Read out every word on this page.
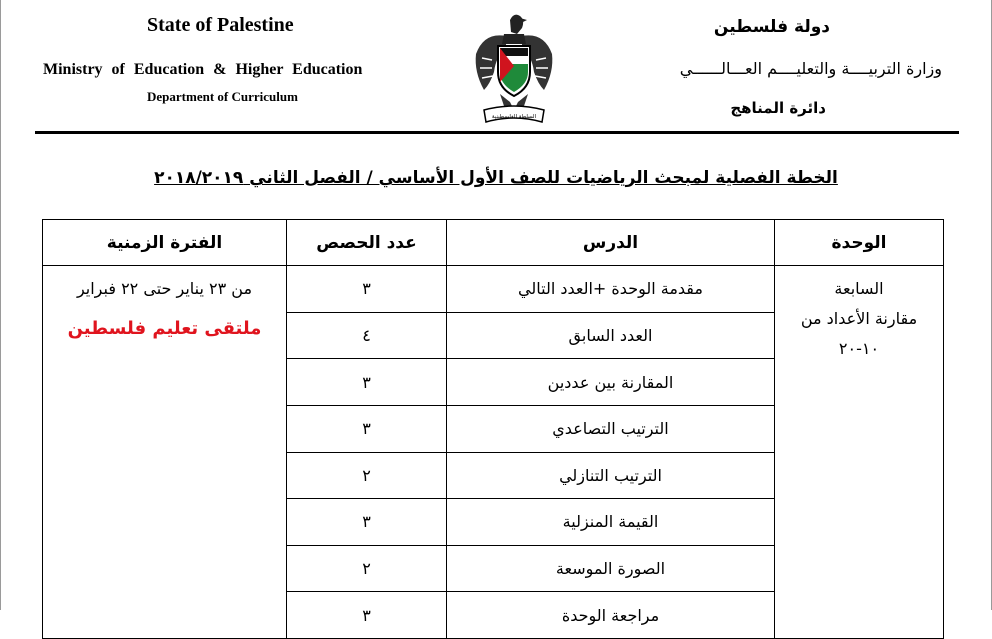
State of Palestine
Ministry of Education & Higher Education
Department of Curriculum
السلطة الفلسطينية
دولة فلسطين
وزارة التربيــــة والتعليــــم العـــالــــــي
دائرة المناهج
الخطة الفصلية لمبحث الرياضيات للصف الأول الأساسي / الفصل الثاني ٢٠١٨/٢٠١٩
الوحدة	الدرس	عدد الحصص	الفترة الزمنية

السابعة
مقارنة الأعداد من
١٠-٢٠	مقدمة الوحدة +العدد التالي	٣	من ٢٣ يناير حتى ٢٢ فبراير
ملتقى تعليم فلسطين

	العدد السابق	٤	
	المقارنة بين عددين	٣	
	الترتيب التصاعدي	٣	
	الترتيب التنازلي	٢	
	القيمة المنزلية	٣	
	الصورة الموسعة	٢	
	مراجعة الوحدة	٣	
